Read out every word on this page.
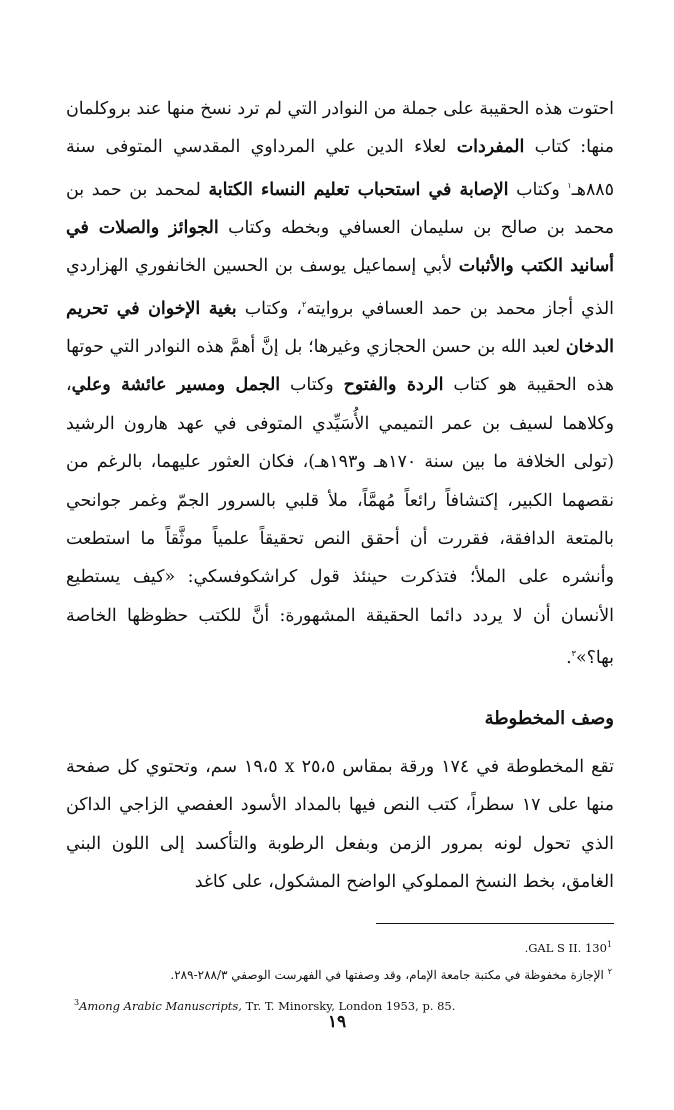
احتوت هذه الحقيبة على جملة من النوادر التي لم ترد نسخ منها عند بروكلمان منها: كتاب المفردات لعلاء الدين علي المرداوي المقدسي المتوفى سنة ٨٨٥هـ$^١$ وكتاب الإصابة في استحباب تعليم النساء الكتابة لمحمد بن حمد بن محمد بن صالح بن سليمان العسافي وبخطه وكتاب الجوائز والصلات في أسانيد الكتب والأثبات لأبي إسماعيل يوسف بن الحسين الخانفوري الهزاردي الذي أجاز محمد بن حمد العسافي بروايته$^٢$، وكتاب بغية الإخوان في تحريم الدخان لعبد الله بن حسن الحجازي وغيرها؛ بل إنَّ أهمَّ هذه النوادر التي حوتها هذه الحقيبة هو كتاب الردة والفتوح وكتاب الجمل ومسير عائشة وعلي، وكلاهما لسيف بن عمر التميمي الأُسَيِّدي المتوفى في عهد هارون الرشيد (تولى الخلافة ما بين سنة ١٧٠هـ و١٩٣هـ)، فكان العثور عليهما، بالرغم من نقصهما الكبير، إكتشافاً رائعاً مُهمَّاً، ملأ قلبي بالسرور الجمّ وغمر جوانحي بالمتعة الدافقة، فقررت أن أحقق النص تحقيقاً علمياً موثَّقاً ما استطعت وأنشره على الملأ؛ فتذكرت حينئذ قول كراشكوفسكي: «كيف يستطيع الأنسان أن لا يردد دائما الحقيقة المشهورة: أنَّ للكتب حظوظها الخاصة بها؟»$^٣$.

وصف المخطوطة

تقع المخطوطة في ١٧٤ ورقة بمقاس ٢٥،٥ x ١٩،٥ سم، وتحتوي كل صفحة منها على ١٧ سطراً، كتب النص فيها بالمداد الأسود العفصي الزاجي الداكن الذي تحول لونه بمرور الزمن وبفعل الرطوبة والتأكسد إلى اللون البني الغامق، بخط النسخ المملوكي الواضح المشكول، على كاغد

.GAL S II. 130$^1$
$^٢$ الإجازة مخفوظة في مكتبة جامعة الإمام، وقد وصفتها في الفهرست الوصفي ٢٨٨/٣-٢٨٩.
$^3$Among Arabic Manuscripts, Tr. T. Minorsky, London 1953, p. 85.
١٩
